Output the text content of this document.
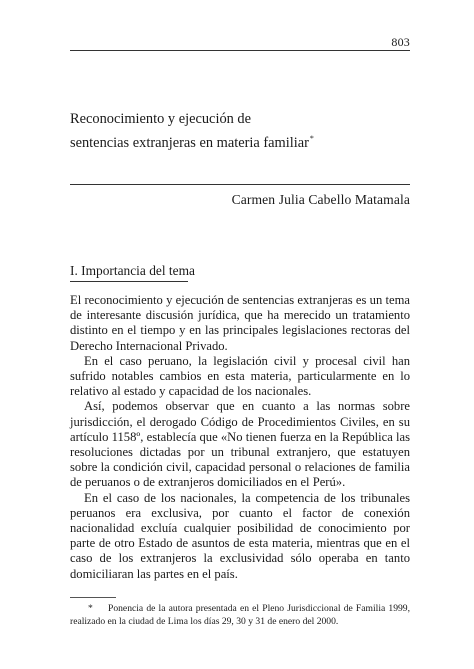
803
Reconocimiento y ejecución de
sentencias extranjeras en materia familiar*
Carmen Julia Cabello Matamala
I. Importancia del tema

El reconocimiento y ejecución de sentencias extranjeras es un tema de interesante discusión jurídica, que ha merecido un tratamiento distinto en el tiempo y en las principales legislaciones rectoras del Derecho Internacional Privado.

En el caso peruano, la legislación civil y procesal civil han sufrido notables cambios en esta materia, particularmente en lo relativo al estado y capacidad de los nacionales.

Así, podemos observar que en cuanto a las normas sobre jurisdicción, el derogado Código de Procedimientos Civiles, en su artículo 1158º, establecía que «No tienen fuerza en la República las resoluciones dictadas por un tribunal extranjero, que estatuyen sobre la condición civil, capacidad personal o relaciones de familia de peruanos o de extranjeros domiciliados en el Perú».

En el caso de los nacionales, la competencia de los tribunales peruanos era exclusiva, por cuanto el factor de conexión nacionalidad excluía cualquier posibilidad de conocimiento por parte de otro Estado de asuntos de esta materia, mientras que en el caso de los extranjeros la exclusividad sólo operaba en tanto domiciliaran las partes en el país.

* Ponencia de la autora presentada en el Pleno Jurisdiccional de Familia 1999, realizado en la ciudad de Lima los días 29, 30 y 31 de enero del 2000.
